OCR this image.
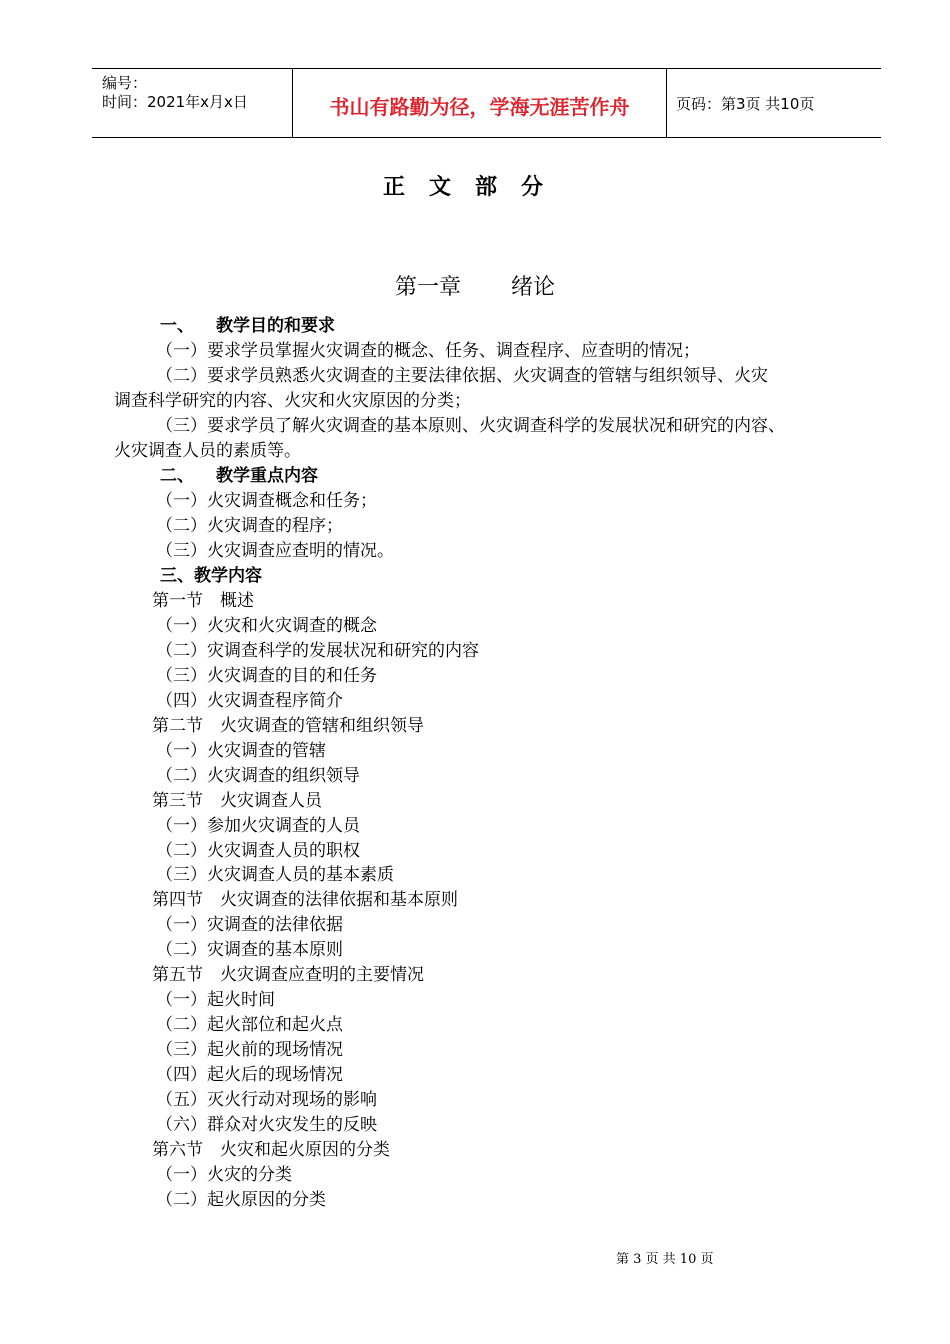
编号：
时间：2021年x月x日	书山有路勤为径，学海无涯苦作舟	页码：第3页 共10页
正文部分
第一章 绪论
一、 教学目的和要求
（一）要求学员掌握火灾调查的概念、任务、调查程序、应查明的情况；
（二）要求学员熟悉火灾调查的主要法律依据、火灾调查的管辖与组织领导、火灾
调查科学研究的内容、火灾和火灾原因的分类；
（三）要求学员了解火灾调查的基本原则、火灾调查科学的发展状况和研究的内容、
火灾调查人员的素质等。
二、 教学重点内容
（一）火灾调查概念和任务；
（二）火灾调查的程序；
（三）火灾调查应查明的情况。
三、教学内容
第一节　概述
（一）火灾和火灾调查的概念
（二）灾调查科学的发展状况和研究的内容
（三）火灾调查的目的和任务
（四）火灾调查程序简介
第二节　火灾调查的管辖和组织领导
（一）火灾调查的管辖
（二）火灾调查的组织领导
第三节　火灾调查人员
（一）参加火灾调查的人员
（二）火灾调查人员的职权
（三）火灾调查人员的基本素质
第四节　火灾调查的法律依据和基本原则
（一）灾调查的法律依据
（二）灾调查的基本原则
第五节　火灾调查应查明的主要情况
（一）起火时间
（二）起火部位和起火点
（三）起火前的现场情况
（四）起火后的现场情况
（五）灭火行动对现场的影响
（六）群众对火灾发生的反映
第六节　火灾和起火原因的分类
（一）火灾的分类
（二）起火原因的分类
第 3 页 共 10 页
